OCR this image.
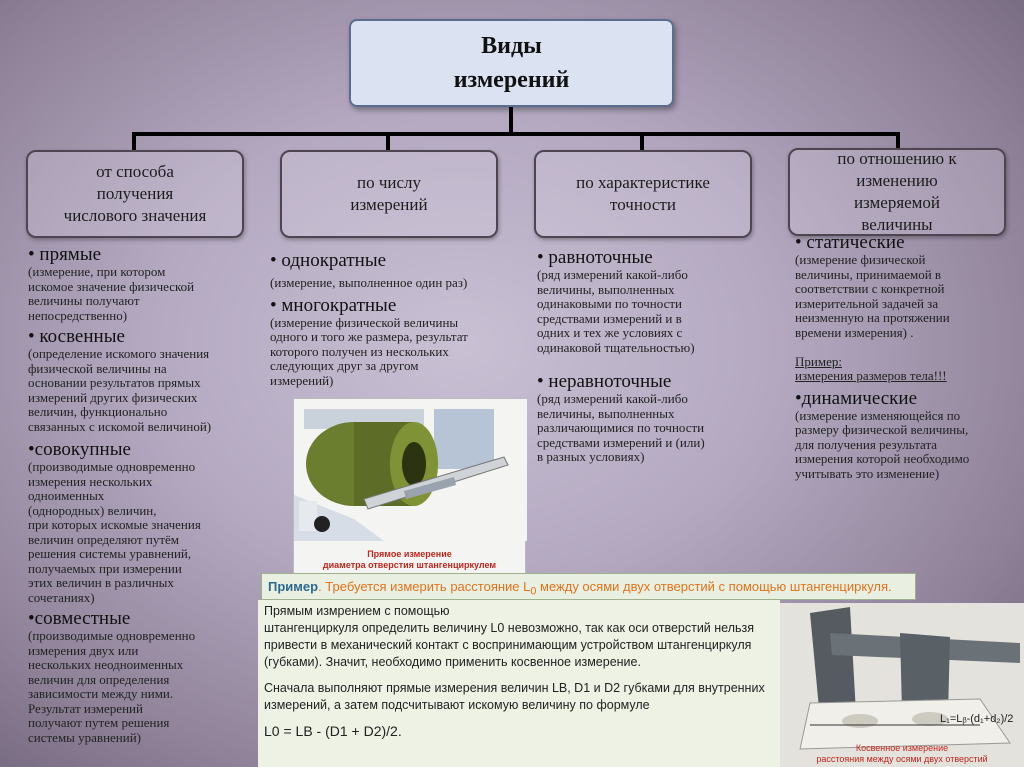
Виды
измерений
от способа
получения
числового значения
по числу
измерений
по характеристике
точности
по отношению к
изменению
измеряемой
величины
• прямые
(измерение, при котором
искомое значение физической
величины получают
непосредственно)
• косвенные
(определение искомого значения
физической величины на
основании результатов прямых
измерений других физических
величин, функционально
связанных с искомой величиной)
•совокупные
(производимые одновременно
измерения нескольких
одноименных
(однородных) величин,
при которых искомые значения
величин определяют путём
решения системы уравнений,
получаемых при измерении
этих величин в различных
сочетаниях)
•совместные
(производимые одновременно
измерения двух или
нескольких неодноименных
величин для определения
зависимости между ними.
Результат измерений
получают путем решения
системы уравнений)
• однократные
(измерение, выполненное один раз)
• многократные
(измерение физической величины
одного и того же размера, результат
которого получен из нескольких
следующих друг за другом
измерений)
• равноточные
(ряд измерений какой-либо
величины, выполненных
одинаковыми по точности
средствами измерений и в
одних и тех же условиях с
одинаковой тщательностью)
• неравноточные
(ряд измерений какой-либо
величины, выполненных
различающимися по точности
средствами измерений и (или)
в разных условиях)
• статические
(измерение физической
величины, принимаемой в
соответствии с конкретной
измерительной задачей за
неизменную на протяжении
времени измерения) .

Пример:
измерения размеров тела!!!

•динамические
(измерение изменяющейся по
размеру физической величины,
для получения результата
измерения которой необходимо
учитывать это изменение)
Прямое измерение
диаметра отверстия штангенциркулем
Пример. Требуется измерить расстояние $L_0$ между осями двух отверстий с помощью штангенциркуля.

Прямым измрением с помощью
штангенциркуля определить величину L0 невозможно, так как оси отверстий нельзя
привести в механический контакт с воспринимающим устройством штангенциркуля
(губками). Значит, необходимо применить косвенное измерение.

Сначала выполняют прямые измерения величин LB, D1 и D2 губками для внутренних
измерений, а затем подсчитывают искомую величину по формуле

L0 = LB - (D1 + D2)/2.

L₁=Lᵦ-(d₁+d₂)/2
Косвенное измерение
расстояния между осями двух отверстий
